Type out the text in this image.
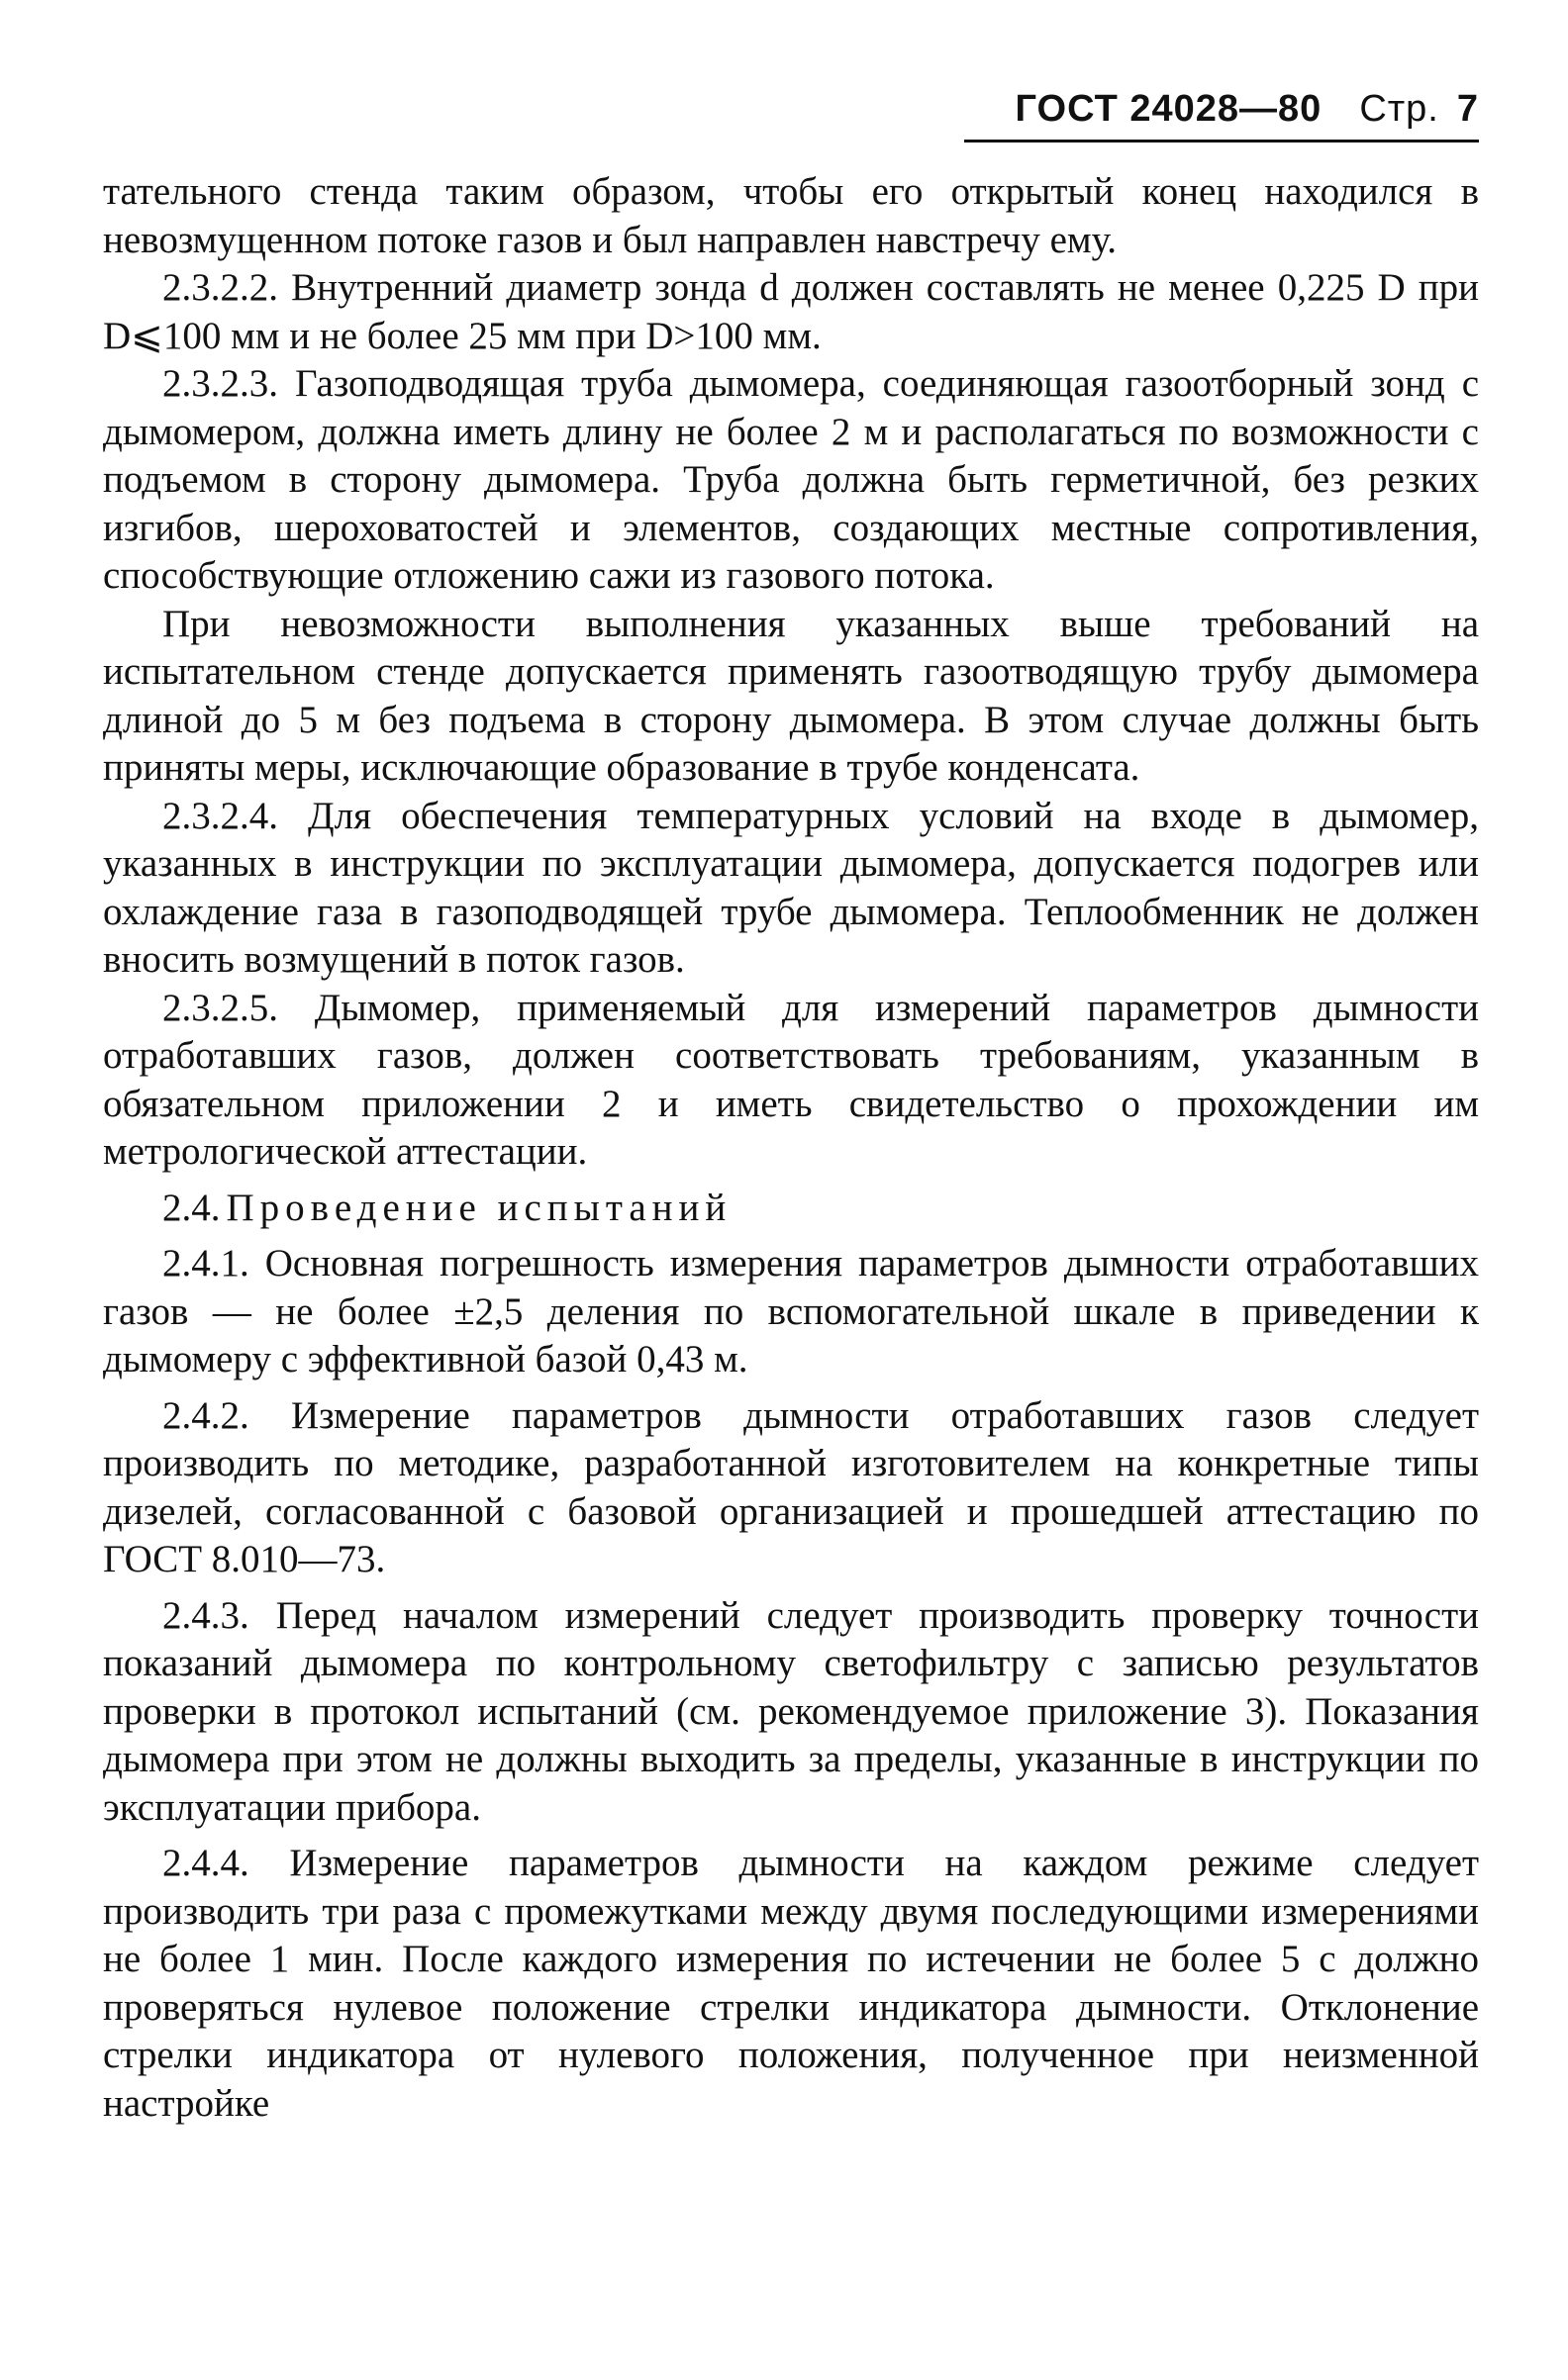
ГОСТ 24028—80 Стр. 7

тательного стенда таким образом, чтобы его открытый конец находился в невозмущенном потоке газов и был направлен навстречу ему.

2.3.2.2. Внутренний диаметр зонда d должен составлять не менее 0,225 D при D⩽100 мм и не более 25 мм при D>100 мм.

2.3.2.3. Газоподводящая труба дымомера, соединяющая газоотборный зонд с дымомером, должна иметь длину не более 2 м и располагаться по возможности с подъемом в сторону дымомера. Труба должна быть герметичной, без резких изгибов, шероховатостей и элементов, создающих местные сопротивления, способствующие отложению сажи из газового потока.

При невозможности выполнения указанных выше требований на испытательном стенде допускается применять газоотводящую трубу дымомера длиной до 5 м без подъема в сторону дымомера. В этом случае должны быть приняты меры, исключающие образование в трубе конденсата.

2.3.2.4. Для обеспечения температурных условий на входе в дымомер, указанных в инструкции по эксплуатации дымомера, допускается подогрев или охлаждение газа в газоподводящей трубе дымомера. Теплообменник не должен вносить возмущений в поток газов.

2.3.2.5. Дымомер, применяемый для измерений параметров дымности отработавших газов, должен соответствовать требованиям, указанным в обязательном приложении 2 и иметь свидетельство о прохождении им метрологической аттестации.

2.4. Проведение испытаний

2.4.1. Основная погрешность измерения параметров дымности отработавших газов — не более ±2,5 деления по вспомогательной шкале в приведении к дымомеру с эффективной базой 0,43 м.

2.4.2. Измерение параметров дымности отработавших газов следует производить по методике, разработанной изготовителем на конкретные типы дизелей, согласованной с базовой организацией и прошедшей аттестацию по ГОСТ 8.010—73.

2.4.3. Перед началом измерений следует производить проверку точности показаний дымомера по контрольному светофильтру с записью результатов проверки в протокол испытаний (см. рекомендуемое приложение 3). Показания дымомера при этом не должны выходить за пределы, указанные в инструкции по эксплуатации прибора.

2.4.4. Измерение параметров дымности на каждом режиме следует производить три раза с промежутками между двумя последующими измерениями не более 1 мин. После каждого измерения по истечении не более 5 с должно проверяться нулевое положение стрелки индикатора дымности. Отклонение стрелки индикатора от нулевого положения, полученное при неизменной настройке
